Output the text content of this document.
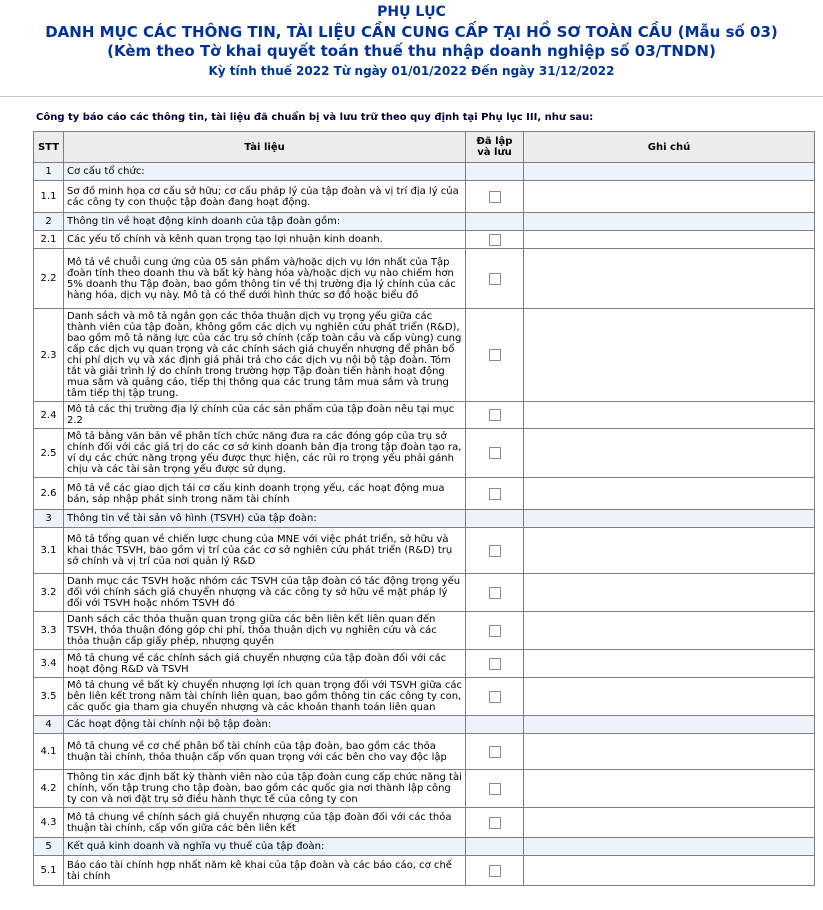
PHỤ LỤC
DANH MỤC CÁC THÔNG TIN, TÀI LIỆU CẦN CUNG CẤP TẠI HỒ SƠ TOÀN CẦU (Mẫu số 03)
(Kèm theo Tờ khai quyết toán thuế thu nhập doanh nghiệp số 03/TNDN)
Kỳ tính thuế 2022 Từ ngày 01/01/2022 Đến ngày 31/12/2022
Công ty báo cáo các thông tin, tài liệu đã chuẩn bị và lưu trữ theo quy định tại Phụ lục III, như sau:
STT	Tài liệu	Đã lập và lưu	Ghi chú
1	Cơ cấu tổ chức:		
1.1	Sơ đồ minh họa cơ cấu sở hữu; cơ cấu pháp lý của tập đoàn và vị trí địa lý của các công ty con thuộc tập đoàn đang hoạt động.		
2	Thông tin về hoạt động kinh doanh của tập đoàn gồm:		
2.1	Các yếu tố chính và kênh quan trọng tạo lợi nhuận kinh doanh.		
2.2	Mô tả về chuỗi cung ứng của 05 sản phẩm và/hoặc dịch vụ lớn nhất của Tập đoàn tính theo doanh thu và bất kỳ hàng hóa và/hoặc dịch vụ nào chiếm hơn 5% doanh thu Tập đoàn, bao gồm thông tin về thị trường địa lý chính của các hàng hóa, dịch vụ này. Mô tả có thể dưới hình thức sơ đồ hoặc biểu đồ		
2.3	Danh sách và mô tả ngắn gọn các thỏa thuận dịch vụ trọng yếu giữa các thành viên của tập đoàn, không gồm các dịch vụ nghiên cứu phát triển (R&D), bao gồm mô tả năng lực của các trụ sở chính (cấp toàn cầu và cấp vùng) cung cấp các dịch vụ quan trọng và các chính sách giá chuyển nhượng để phân bổ chi phí dịch vụ và xác định giá phải trả cho các dịch vụ nội bộ tập đoàn. Tóm tắt và giải trình lý do chính trong trường hợp Tập đoàn tiến hành hoạt động mua sắm và quảng cáo, tiếp thị thông qua các trung tâm mua sắm và trung tâm tiếp thị tập trung.		
2.4	Mô tả các thị trường địa lý chính của các sản phẩm của tập đoàn nêu tại mục 2.2		
2.5	Mô tả bằng văn bản về phân tích chức năng đưa ra các đóng góp của trụ sở chính đối với các giá trị do các cơ sở kinh doanh bản địa trong tập đoàn tạo ra, ví dụ các chức năng trọng yếu được thực hiện, các rủi ro trọng yếu phải gánh chịu và các tài sản trọng yếu được sử dụng.		
2.6	Mô tả về các giao dịch tái cơ cấu kinh doanh trọng yếu, các hoạt động mua bán, sáp nhập phát sinh trong năm tài chính		
3	Thông tin về tài sản vô hình (TSVH) của tập đoàn:		
3.1	Mô tả tổng quan về chiến lược chung của MNE với việc phát triển, sở hữu và khai thác TSVH, bao gồm vị trí của các cơ sở nghiên cứu phát triển (R&D) trụ sở chính và vị trí của nơi quản lý R&D		
3.2	Danh mục các TSVH hoặc nhóm các TSVH của tập đoàn có tác động trọng yếu đối với chính sách giá chuyển nhượng và các công ty sở hữu về mặt pháp lý đối với TSVH hoặc nhóm TSVH đó		
3.3	Danh sách các thỏa thuận quan trọng giữa các bên liên kết liên quan đến TSVH, thỏa thuận đóng góp chi phí, thỏa thuận dịch vụ nghiên cứu và các thỏa thuận cấp giấy phép, nhượng quyền		
3.4	Mô tả chung về các chính sách giá chuyển nhượng của tập đoàn đối với các hoạt động R&D và TSVH		
3.5	Mô tả chung về bất kỳ chuyển nhượng lợi ích quan trọng đối với TSVH giữa các bên liên kết trong năm tài chính liên quan, bao gồm thông tin các công ty con, các quốc gia tham gia chuyển nhượng và các khoản thanh toán liên quan		
4	Các hoạt động tài chính nội bộ tập đoàn:		
4.1	Mô tả chung về cơ chế phân bổ tài chính của tập đoàn, bao gồm các thỏa thuận tài chính, thỏa thuận cấp vốn quan trọng với các bên cho vay độc lập		
4.2	Thông tin xác định bất kỳ thành viên nào của tập đoàn cung cấp chức năng tài chính, vốn tập trung cho tập đoàn, bao gồm các quốc gia nơi thành lập công ty con và nơi đặt trụ sở điều hành thực tế của công ty con		
4.3	Mô tả chung về chính sách giá chuyển nhượng của tập đoàn đối với các thỏa thuận tài chính, cấp vốn giữa các bên liên kết		
5	Kết quả kinh doanh và nghĩa vụ thuế của tập đoàn:		
5.1	Báo cáo tài chính hợp nhất năm kê khai của tập đoàn và các báo cáo, cơ chế tài chính		
